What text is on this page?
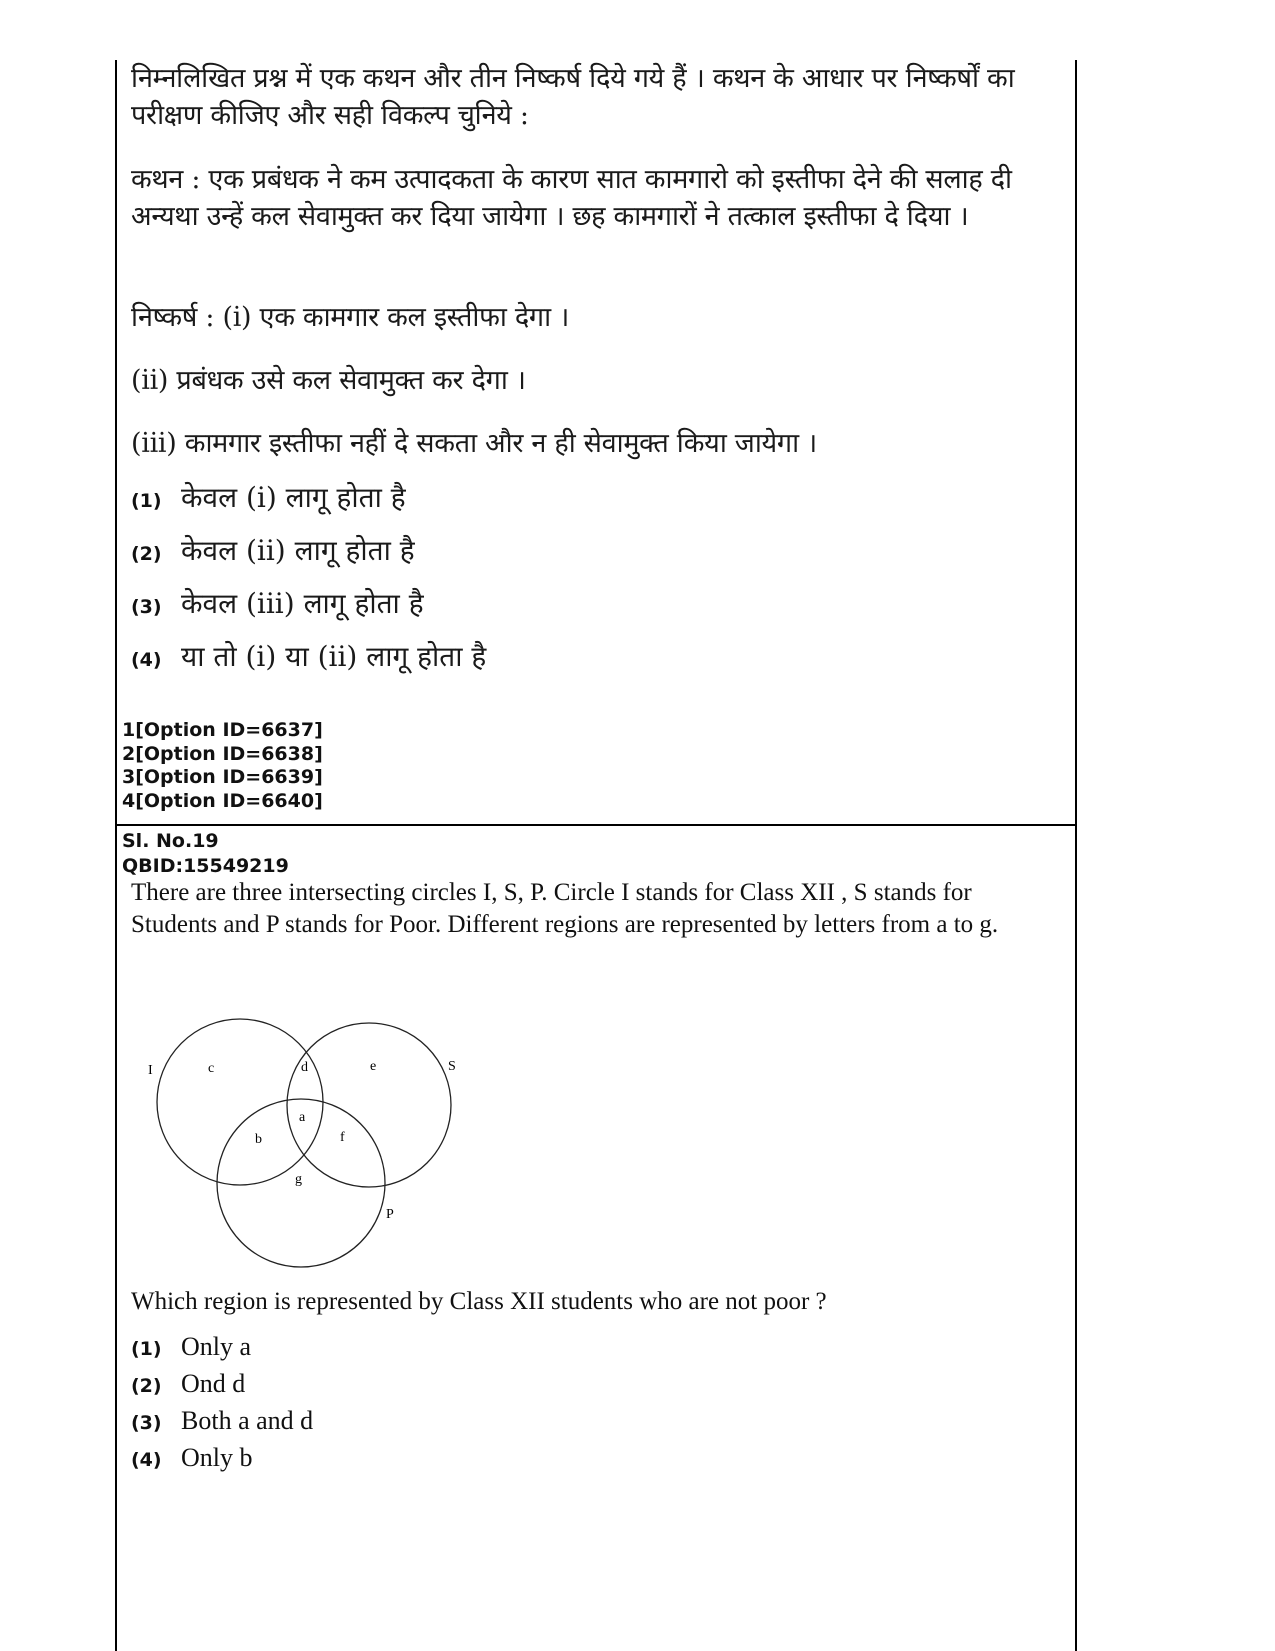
निम्नलिखित प्रश्न में एक कथन और तीन निष्कर्ष दिये गये हैं । कथन के आधार पर निष्कर्षों का परीक्षण कीजिए और सही विकल्प चुनिये :
कथन : एक प्रबंधक ने कम उत्पादकता के कारण सात कामगारो को इस्तीफा देने की सलाह दी अन्यथा उन्हें कल सेवामुक्त कर दिया जायेगा । छह कामगारों ने तत्काल इस्तीफा दे दिया ।
निष्कर्ष : (i) एक कामगार कल इस्तीफा देगा ।
(ii) प्रबंधक उसे कल सेवामुक्त कर देगा ।
(iii) कामगार इस्तीफा नहीं दे सकता और न ही सेवामुक्त किया जायेगा ।
(1) केवल (i) लागू होता है
(2) केवल (ii) लागू होता है
(3) केवल (iii) लागू होता है
(4) या तो (i) या (ii) लागू होता है
1[Option ID=6637]
2[Option ID=6638]
3[Option ID=6639]
4[Option ID=6640]
Sl. No.19
QBID:15549219
There are three intersecting circles I, S, P. Circle I stands for Class XII , S stands for Students and P stands for Poor. Different regions are represented by letters from a to g.
I	S
P
c	d	e
a
b	f
g
Which region is represented by Class XII students who are not poor ?
(1) Only a
(2) Ond d
(3) Both a and d
(4) Only b
